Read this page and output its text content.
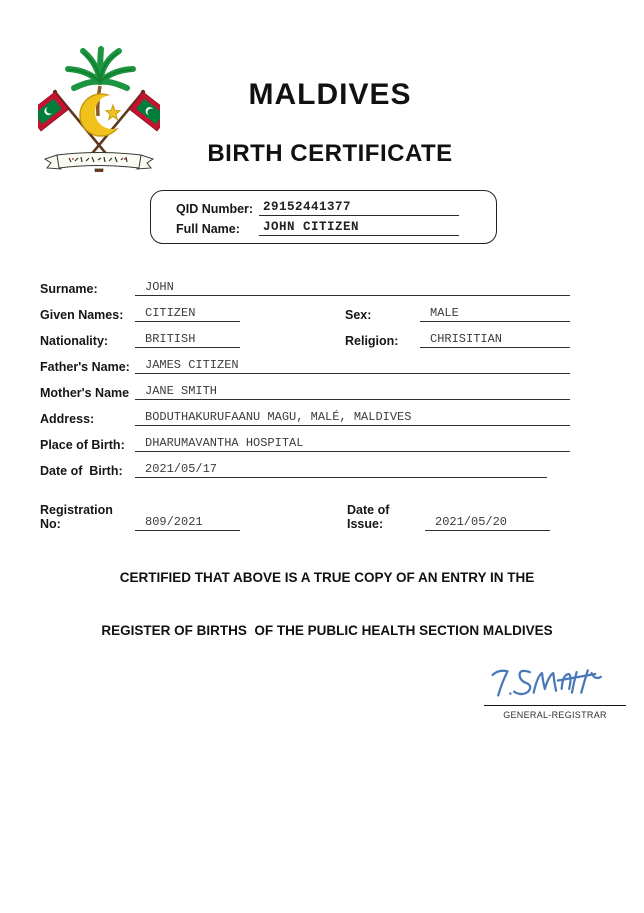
MALDIVES
BIRTH CERTIFICATE
QID Number: 29152441377
Full Name:	JOHN CITIZEN
Surname:	JOHN
Given Names:	CITIZEN	Sex:	MALE
Nationality:	BRITISH	Religion:	CHRISITIAN
Father's Name:	JAMES CITIZEN
Mother's Name	JANE SMITH
Address:	BODUTHAKURUFAANU MAGU, MALÉ, MALDIVES
Place of Birth:	DHARUMAVANTHA HOSPITAL
Date of  Birth:	2021/05/17
Registration No:	809/2021
Date of Issue:	2021/05/20
CERTIFIED THAT ABOVE IS A TRUE COPY OF AN ENTRY IN THE
REGISTER OF BIRTHS  OF THE PUBLIC HEALTH SECTION MALDIVES
GENERAL-REGISTRAR
